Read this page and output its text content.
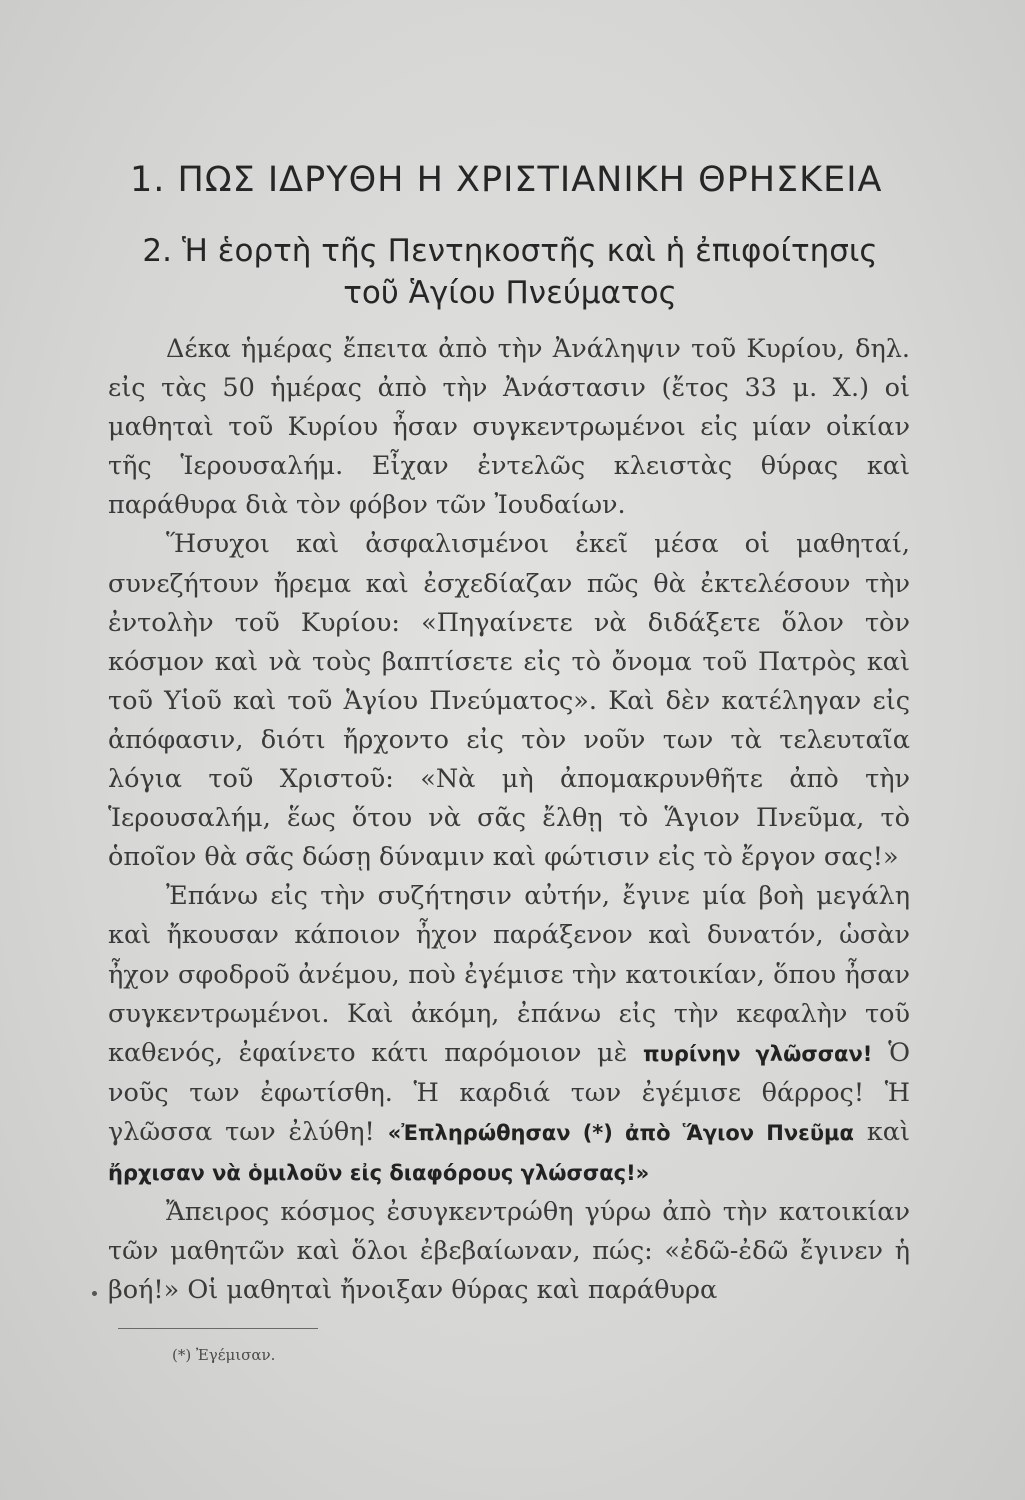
1. ΠΩΣ ΙΔΡΥΘΗ Η ΧΡΙΣΤΙΑΝΙΚΗ ΘΡΗΣΚΕΙΑ
2. Ἡ ἑορτὴ τῆς Πεντηκοστῆς καὶ ἡ ἐπιφοίτησις
τοῦ Ἁγίου Πνεύματος

Δέκα ἡμέρας ἔπειτα ἀπὸ τὴν Ἀνάληψιν τοῦ Κυρίου, δηλ. εἰς τὰς 50 ἡμέρας ἀπὸ τὴν Ἀνάστασιν (ἔτος 33 μ. Χ.) οἱ μαθηταὶ τοῦ Κυρίου ἦσαν συγκεντρωμένοι εἰς μίαν οἰκίαν τῆς Ἱερουσαλήμ. Εἶχαν ἐντελῶς κλειστὰς θύρας καὶ παράθυρα διὰ τὸν φόβον τῶν Ἰουδαίων.

Ἥσυχοι καὶ ἀσφαλισμένοι ἐκεῖ μέσα οἱ μαθηταί, συνεζήτουν ἤρεμα καὶ ἐσχεδίαζαν πῶς θὰ ἐκτελέσουν τὴν ἐντολὴν τοῦ Κυρίου: «Πηγαίνετε νὰ διδάξετε ὅλον τὸν κόσμον καὶ νὰ τοὺς βαπτίσετε εἰς τὸ ὄνομα τοῦ Πατρὸς καὶ τοῦ Υἱοῦ καὶ τοῦ Ἁγίου Πνεύματος». Καὶ δὲν κατέληγαν εἰς ἀπόφασιν, διότι ἤρχοντο εἰς τὸν νοῦν των τὰ τελευταῖα λόγια τοῦ Χριστοῦ: «Νὰ μὴ ἀπομακρυνθῆτε ἀπὸ τὴν Ἱερουσαλήμ, ἕως ὅτου νὰ σᾶς ἔλθῃ τὸ Ἅγιον Πνεῦμα, τὸ ὁποῖον θὰ σᾶς δώσῃ δύναμιν καὶ φώτισιν εἰς τὸ ἔργον σας!»

Ἐπάνω εἰς τὴν συζήτησιν αὐτήν, ἔγινε μία βοὴ μεγάλη καὶ ἤκουσαν κάποιον ἦχον παράξενον καὶ δυνατόν, ὡσὰν ἦχον σφοδροῦ ἀνέμου, ποὺ ἐγέμισε τὴν κατοικίαν, ὅπου ἦσαν συγκεντρωμένοι. Καὶ ἀκόμη, ἐπάνω εἰς τὴν κεφαλὴν τοῦ καθενός, ἐφαίνετο κάτι παρόμοιον μὲ πυρίνην γλῶσσαν! Ὁ νοῦς των ἐφωτίσθη. Ἡ καρδιά των ἐγέμισε θάρρος! Ἡ γλῶσσα των ἐλύθη! «Ἐπληρώθησαν (*) ἀπὸ Ἅγιον Πνεῦμα καὶ ἤρχισαν νὰ ὁμιλοῦν εἰς διαφόρους γλώσσας!»

Ἄπειρος κόσμος ἐσυγκεντρώθη γύρω ἀπὸ τὴν κατοικίαν τῶν μαθητῶν καὶ ὅλοι ἐβεβαίωναν, πώς: «ἐδῶ-ἐδῶ ἔγινεν ἡ βοή!» Οἱ μαθηταὶ ἤνοιξαν θύρας καὶ παράθυρα

(*) Ἐγέμισαν.
